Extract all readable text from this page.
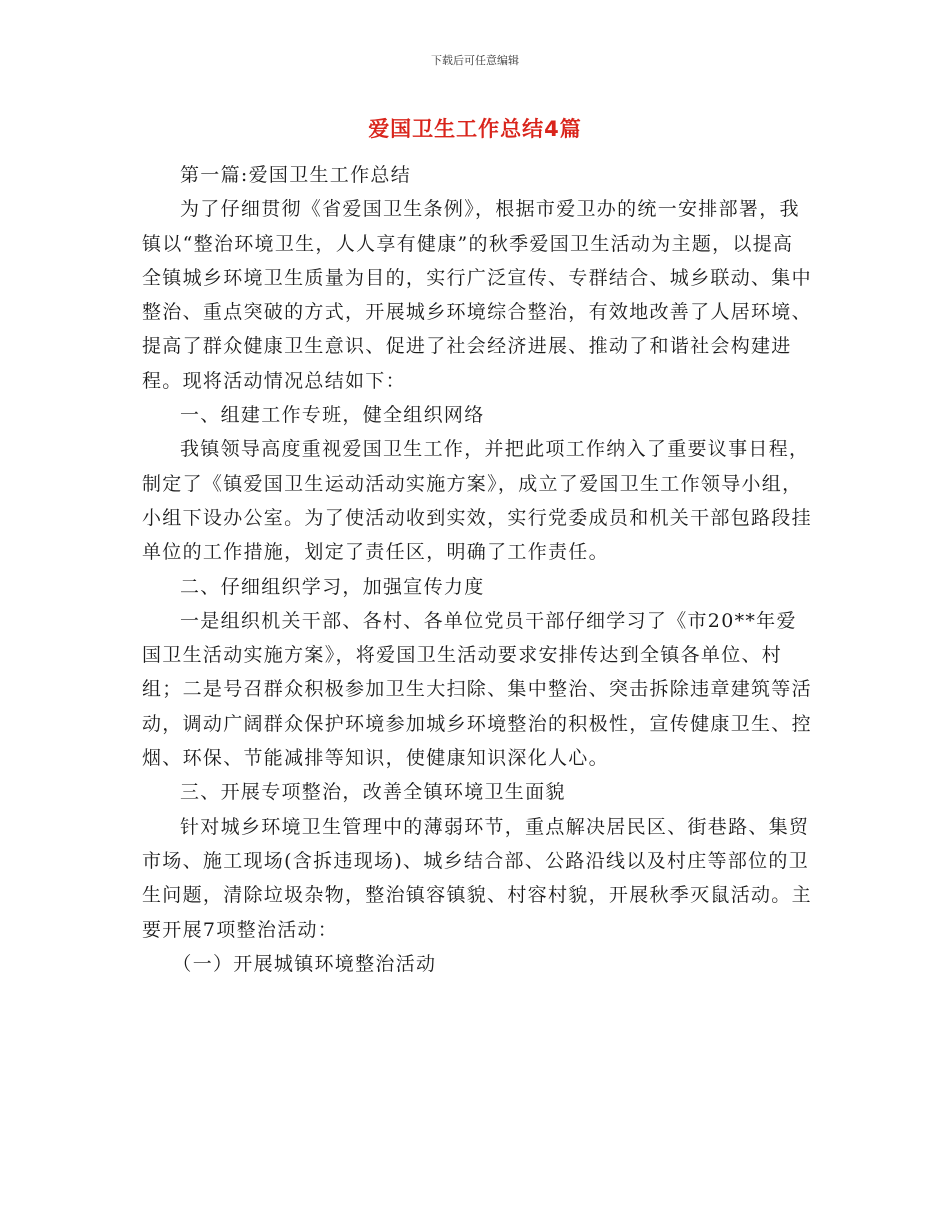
下载后可任意编辑
爱国卫生工作总结4篇

第一篇:爱国卫生工作总结

为了仔细贯彻《省爱国卫生条例》，根据市爱卫办的统一安排部署，我镇以“整治环境卫生，人人享有健康”的秋季爱国卫生活动为主题，以提高全镇城乡环境卫生质量为目的，实行广泛宣传、专群结合、城乡联动、集中整治、重点突破的方式，开展城乡环境综合整治，有效地改善了人居环境、提高了群众健康卫生意识、促进了社会经济进展、推动了和谐社会构建进程。现将活动情况总结如下：

一、组建工作专班，健全组织网络

我镇领导高度重视爱国卫生工作，并把此项工作纳入了重要议事日程，制定了《镇爱国卫生运动活动实施方案》，成立了爱国卫生工作领导小组，小组下设办公室。为了使活动收到实效，实行党委成员和机关干部包路段挂单位的工作措施，划定了责任区，明确了工作责任。

二、仔细组织学习，加强宣传力度

一是组织机关干部、各村、各单位党员干部仔细学习了《市20**年爱国卫生活动实施方案》，将爱国卫生活动要求安排传达到全镇各单位、村组；二是号召群众积极参加卫生大扫除、集中整治、突击拆除违章建筑等活动，调动广阔群众保护环境参加城乡环境整治的积极性，宣传健康卫生、控烟、环保、节能减排等知识，使健康知识深化人心。

三、开展专项整治，改善全镇环境卫生面貌

针对城乡环境卫生管理中的薄弱环节，重点解决居民区、街巷路、集贸市场、施工现场(含拆违现场)、城乡结合部、公路沿线以及村庄等部位的卫生问题，清除垃圾杂物，整治镇容镇貌、村容村貌，开展秋季灭鼠活动。主要开展7项整治活动：

（一）开展城镇环境整治活动
